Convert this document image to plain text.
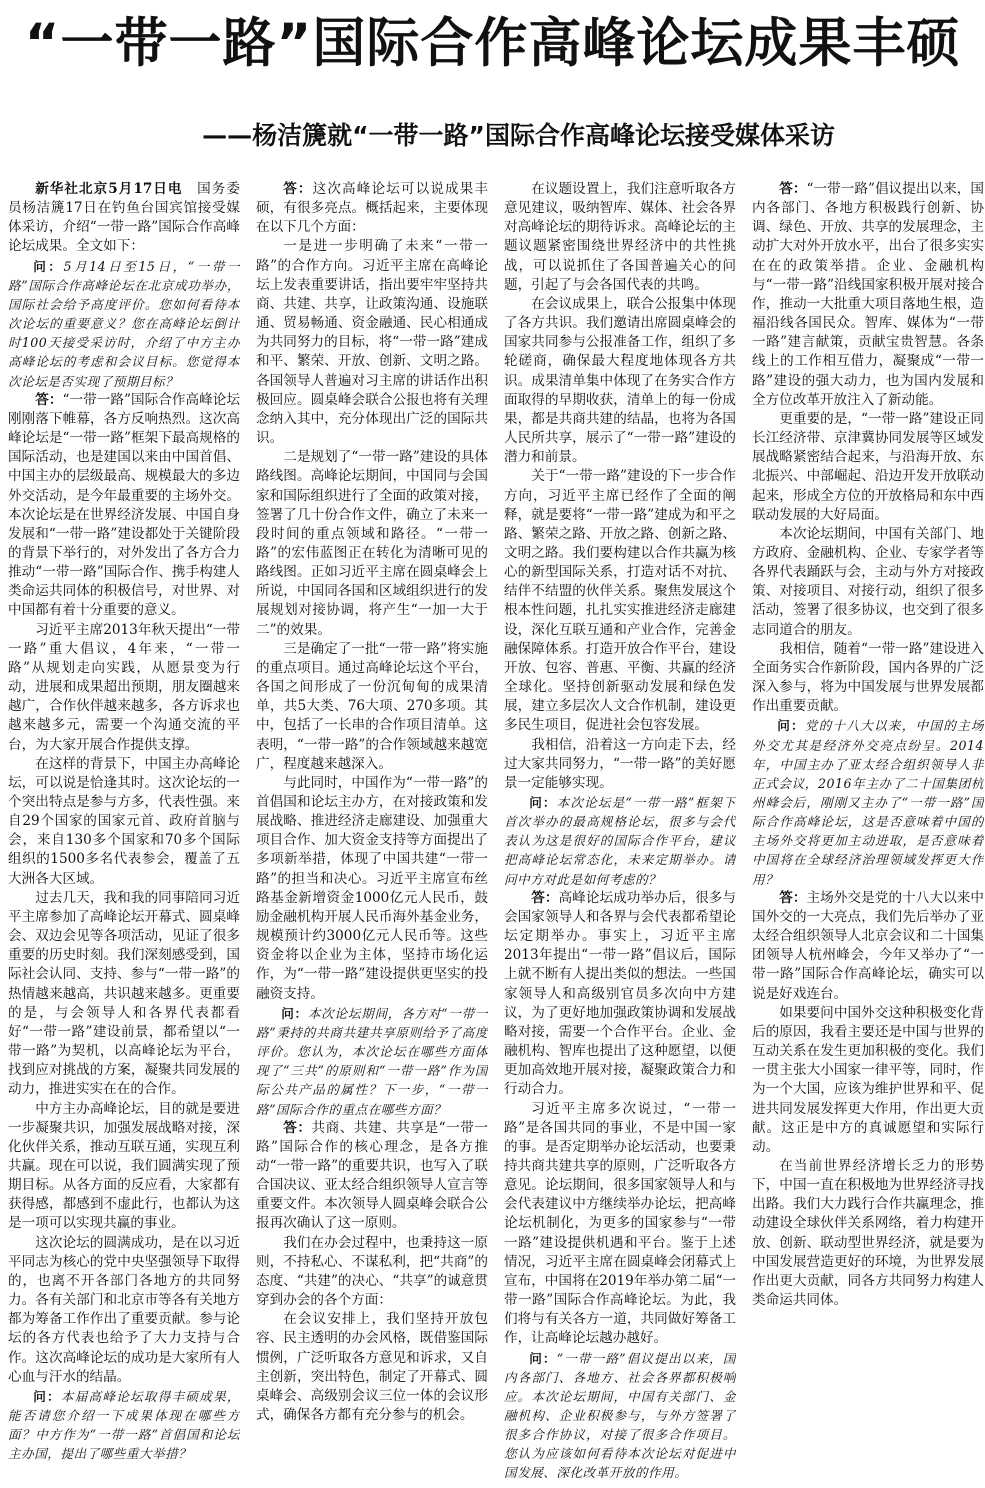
“一带一路”国际合作高峰论坛成果丰硕
——杨洁篪就“一带一路”国际合作高峰论坛接受媒体采访

新华社北京5月17日电  国务委员杨洁篪17日在钓鱼台国宾馆接受媒体采访，介绍“一带一路”国际合作高峰论坛成果。全文如下：

问：5月14日至15日，“一带一路”国际合作高峰论坛在北京成功举办，国际社会给予高度评价。您如何看待本次论坛的重要意义？您在高峰论坛倒计时100天接受采访时，介绍了中方主办高峰论坛的考虑和会议目标。您觉得本次论坛是否实现了预期目标？

答：“一带一路”国际合作高峰论坛刚刚落下帷幕，各方反响热烈。这次高峰论坛是“一带一路”框架下最高规格的国际活动，也是建国以来由中国首倡、中国主办的层级最高、规模最大的多边外交活动，是今年最重要的主场外交。本次论坛是在世界经济发展、中国自身发展和“一带一路”建设都处于关键阶段的背景下举行的，对外发出了各方合力推动“一带一路”国际合作、携手构建人类命运共同体的积极信号，对世界、对中国都有着十分重要的意义。

习近平主席2013年秋天提出“一带一路”重大倡议，4年来，“一带一路”从规划走向实践，从愿景变为行动，进展和成果超出预期，朋友圈越来越广，合作伙伴越来越多，各方诉求也越来越多元，需要一个沟通交流的平台，为大家开展合作提供支撑。

在这样的背景下，中国主办高峰论坛，可以说是恰逢其时。这次论坛的一个突出特点是参与方多，代表性强。来自29个国家的国家元首、政府首脑与会，来自130多个国家和70多个国际组织的1500多名代表参会，覆盖了五大洲各大区域。

过去几天，我和我的同事陪同习近平主席参加了高峰论坛开幕式、圆桌峰会、双边会见等各项活动，见证了很多重要的历史时刻。我们深刻感受到，国际社会认同、支持、参与“一带一路”的热情越来越高，共识越来越多。更重要的是，与会领导人和各界代表都看好“一带一路”建设前景，都希望以“一带一路”为契机，以高峰论坛为平台，找到应对挑战的方案，凝聚共同发展的动力，推进实实在在的合作。

中方主办高峰论坛，目的就是要进一步凝聚共识，加强发展战略对接，深化伙伴关系，推动互联互通，实现互利共赢。现在可以说，我们圆满实现了预期目标。从各方面的反应看，大家都有获得感，都感到不虚此行，也都认为这是一项可以实现共赢的事业。

这次论坛的圆满成功，是在以习近平同志为核心的党中央坚强领导下取得的，也离不开各部门各地方的共同努力。各有关部门和北京市等各有关地方都为筹备工作作出了重要贡献。参与论坛的各方代表也给予了大力支持与合作。这次高峰论坛的成功是大家所有人心血与汗水的结晶。

问：本届高峰论坛取得丰硕成果，能否请您介绍一下成果体现在哪些方面？中方作为“一带一路”首倡国和论坛主办国，提出了哪些重大举措？

答：这次高峰论坛可以说成果丰硕，有很多亮点。概括起来，主要体现在以下几个方面：

一是进一步明确了未来“一带一路”的合作方向。习近平主席在高峰论坛上发表重要讲话，指出要牢牢坚持共商、共建、共享，让政策沟通、设施联通、贸易畅通、资金融通、民心相通成为共同努力的目标，将“一带一路”建成和平、繁荣、开放、创新、文明之路。各国领导人普遍对习主席的讲话作出积极回应。圆桌峰会联合公报也将有关理念纳入其中，充分体现出广泛的国际共识。

二是规划了“一带一路”建设的具体路线图。高峰论坛期间，中国同与会国家和国际组织进行了全面的政策对接，签署了几十份合作文件，确立了未来一段时间的重点领域和路径。“一带一路”的宏伟蓝图正在转化为清晰可见的路线图。正如习近平主席在圆桌峰会上所说，中国同各国和区域组织进行的发展规划对接协调，将产生“一加一大于二”的效果。

三是确定了一批“一带一路”将实施的重点项目。通过高峰论坛这个平台，各国之间形成了一份沉甸甸的成果清单，共5大类、76大项、270多项。其中，包括了一长串的合作项目清单。这表明，“一带一路”的合作领域越来越宽广，程度越来越深入。

与此同时，中国作为“一带一路”的首倡国和论坛主办方，在对接政策和发展战略、推进经济走廊建设、加强重大项目合作、加大资金支持等方面提出了多项新举措，体现了中国共建“一带一路”的担当和决心。习近平主席宣布丝路基金新增资金1000亿元人民币，鼓励金融机构开展人民币海外基金业务，规模预计约3000亿元人民币等。这些资金将以企业为主体，坚持市场化运作，为“一带一路”建设提供更坚实的投融资支持。

问：本次论坛期间，各方对“一带一路”秉持的共商共建共享原则给予了高度评价。您认为，本次论坛在哪些方面体现了“三共”的原则和“一带一路”作为国际公共产品的属性？下一步，“一带一路”国际合作的重点在哪些方面？

答：共商、共建、共享是“一带一路”国际合作的核心理念，是各方推动“一带一路”的重要共识，也写入了联合国决议、亚太经合组织领导人宣言等重要文件。本次领导人圆桌峰会联合公报再次确认了这一原则。

我们在办会过程中，也秉持这一原则，不持私心、不谋私利，把“共商”的态度、“共建”的决心、“共享”的诚意贯穿到办会的各个方面：

在会议安排上，我们坚持开放包容、民主透明的办会风格，既借鉴国际惯例，广泛听取各方意见和诉求，又自主创新，突出特色，制定了开幕式、圆桌峰会、高级别会议三位一体的会议形式，确保各方都有充分参与的机会。

在议题设置上，我们注意听取各方意见建议，吸纳智库、媒体、社会各界对高峰论坛的期待诉求。高峰论坛的主题议题紧密围绕世界经济中的共性挑战，可以说抓住了各国普遍关心的问题，引起了与会各国代表的共鸣。

在会议成果上，联合公报集中体现了各方共识。我们邀请出席圆桌峰会的国家共同参与公报准备工作，组织了多轮磋商，确保最大程度地体现各方共识。成果清单集中体现了在务实合作方面取得的早期收获，清单上的每一份成果，都是共商共建的结晶，也将为各国人民所共享，展示了“一带一路”建设的潜力和前景。

关于“一带一路”建设的下一步合作方向，习近平主席已经作了全面的阐释，就是要将“一带一路”建成为和平之路、繁荣之路、开放之路、创新之路、文明之路。我们要构建以合作共赢为核心的新型国际关系，打造对话不对抗、结伴不结盟的伙伴关系。聚焦发展这个根本性问题，扎扎实实推进经济走廊建设，深化互联互通和产业合作，完善金融保障体系。打造开放合作平台，建设开放、包容、普惠、平衡、共赢的经济全球化。坚持创新驱动发展和绿色发展，建立多层次人文合作机制，建设更多民生项目，促进社会包容发展。

我相信，沿着这一方向走下去，经过大家共同努力，“一带一路”的美好愿景一定能够实现。

问：本次论坛是“一带一路”框架下首次举办的最高规格论坛，很多与会代表认为这是很好的国际合作平台，建议把高峰论坛常态化，未来定期举办。请问中方对此是如何考虑的？

答：高峰论坛成功举办后，很多与会国家领导人和各界与会代表都希望论坛定期举办。事实上，习近平主席2013年提出“一带一路”倡议后，国际上就不断有人提出类似的想法。一些国家领导人和高级别官员多次向中方建议，为了更好地加强政策协调和发展战略对接，需要一个合作平台。企业、金融机构、智库也提出了这种愿望，以便更加高效地开展对接，凝聚政策合力和行动合力。

习近平主席多次说过，“一带一路”是各国共同的事业，不是中国一家的事。是否定期举办论坛活动，也要秉持共商共建共享的原则，广泛听取各方意见。论坛期间，很多国家领导人和与会代表建议中方继续举办论坛，把高峰论坛机制化，为更多的国家参与“一带一路”建设提供机遇和平台。鉴于上述情况，习近平主席在圆桌峰会闭幕式上宣布，中国将在2019年举办第二届“一带一路”国际合作高峰论坛。为此，我们将与有关各方一道，共同做好筹备工作，让高峰论坛越办越好。

问：“一带一路”倡议提出以来，国内各部门、各地方、社会各界都积极响应。本次论坛期间，中国有关部门、金融机构、企业积极参与，与外方签署了很多合作协议，对接了很多合作项目。您认为应该如何看待本次论坛对促进中国发展、深化改革开放的作用。

答：“一带一路”倡议提出以来，国内各部门、各地方积极践行创新、协调、绿色、开放、共享的发展理念，主动扩大对外开放水平，出台了很多实实在在的政策举措。企业、金融机构与“一带一路”沿线国家积极开展对接合作，推动一大批重大项目落地生根，造福沿线各国民众。智库、媒体为“一带一路”建言献策，贡献宝贵智慧。各条线上的工作相互借力，凝聚成“一带一路”建设的强大动力，也为国内发展和全方位改革开放注入了新动能。

更重要的是，“一带一路”建设正同长江经济带、京津冀协同发展等区域发展战略紧密结合起来，与沿海开放、东北振兴、中部崛起、沿边开发开放联动起来，形成全方位的开放格局和东中西联动发展的大好局面。

本次论坛期间，中国有关部门、地方政府、金融机构、企业、专家学者等各界代表踊跃与会，主动与外方对接政策、对接项目、对接行动，组织了很多活动，签署了很多协议，也交到了很多志同道合的朋友。

我相信，随着“一带一路”建设进入全面务实合作新阶段，国内各界的广泛深入参与，将为中国发展与世界发展都作出重要贡献。

问：党的十八大以来，中国的主场外交尤其是经济外交亮点纷呈。2014年，中国主办了亚太经合组织领导人非正式会议，2016年主办了二十国集团杭州峰会后，刚刚又主办了“一带一路”国际合作高峰论坛，这是否意味着中国的主场外交将更加主动进取，是否意味着中国将在全球经济治理领域发挥更大作用？

答：主场外交是党的十八大以来中国外交的一大亮点，我们先后举办了亚太经合组织领导人北京会议和二十国集团领导人杭州峰会，今年又举办了“一带一路”国际合作高峰论坛，确实可以说是好戏连台。

如果要问中国外交这种积极变化背后的原因，我看主要还是中国与世界的互动关系在发生更加积极的变化。我们一贯主张大小国家一律平等，同时，作为一个大国，应该为维护世界和平、促进共同发展发挥更大作用，作出更大贡献。这正是中方的真诚愿望和实际行动。

在当前世界经济增长乏力的形势下，中国一直在积极地为世界经济寻找出路。我们大力践行合作共赢理念，推动建设全球伙伴关系网络，着力构建开放、创新、联动型世界经济，就是要为中国发展营造更好的环境，为世界发展作出更大贡献，同各方共同努力构建人类命运共同体。
